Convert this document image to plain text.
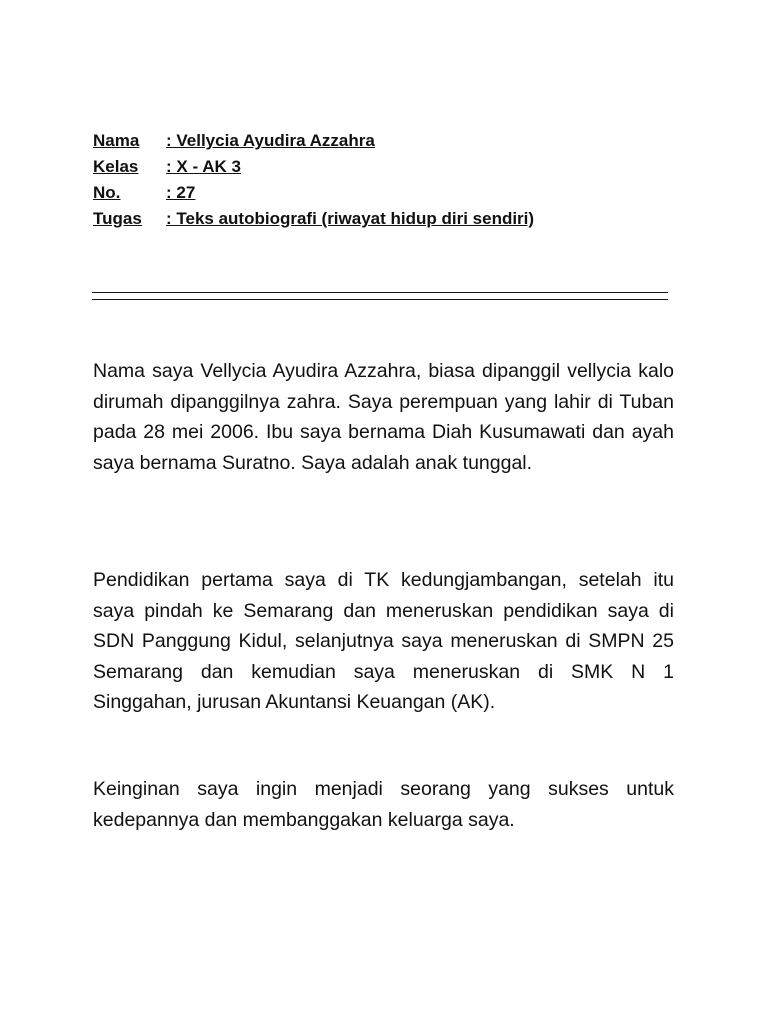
Nama	: Vellycia Ayudira Azzahra
Kelas	: X - AK 3
No.	: 27
Tugas	: Teks autobiografi (riwayat hidup diri sendiri)

Nama saya Vellycia Ayudira Azzahra, biasa dipanggil vellycia kalo dirumah dipanggilnya zahra. Saya perempuan yang lahir di Tuban pada 28 mei 2006. Ibu saya bernama Diah Kusumawati dan ayah saya bernama Suratno. Saya adalah anak tunggal.

Pendidikan pertama saya di TK kedungjambangan, setelah itu saya pindah ke Semarang dan meneruskan pendidikan saya di SDN Panggung Kidul, selanjutnya saya meneruskan di SMPN 25 Semarang dan kemudian saya meneruskan di SMK N 1 Singgahan, jurusan Akuntansi Keuangan (AK).

Keinginan saya ingin menjadi seorang yang sukses untuk kedepannya dan membanggakan keluarga saya.
